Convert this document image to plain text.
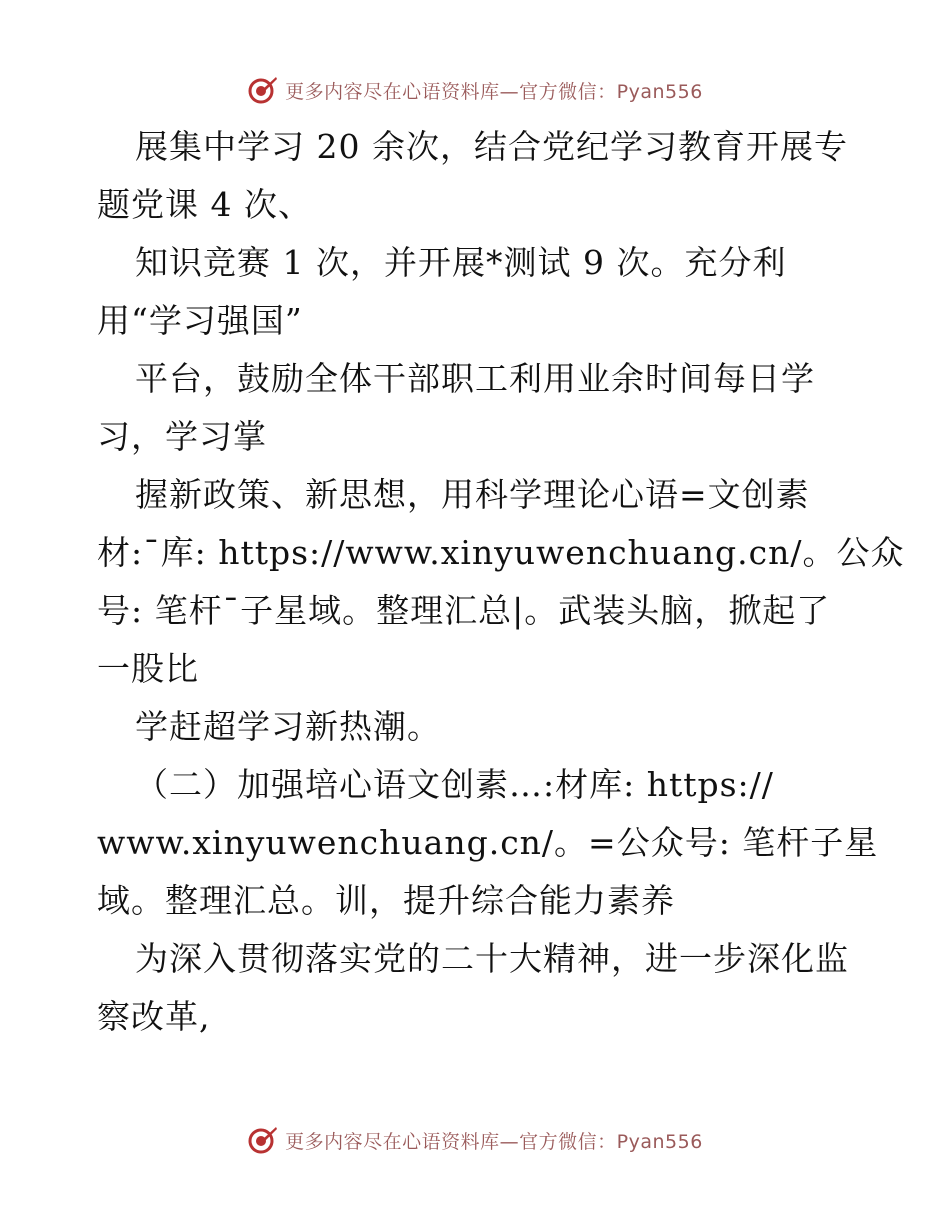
更多内容尽在心语资料库—官方微信：Pyan556
展集中学习 20 余次，结合党纪学习教育开展专
题党课 4 次、
知识竞赛 1 次，并开展*测试 9 次。充分利
用“学习强国”
平台，鼓励全体干部职工利用业余时间每日学
习，学习掌
握新政策、新思想，用科学理论心语=文创素
材:¯库: https://www.xinyuwenchuang.cn/。公众
号: 笔杆¯子星域。整理汇总|。武装头脑，掀起了
一股比
学赶超学习新热潮。
（二）加强培心语文创素…:材库: https://
www.xinyuwenchuang.cn/。=公众号: 笔杆子星
域。整理汇总。训，提升综合能力素养
为深入贯彻落实党的二十大精神，进一步深化监
察改革,
更多内容尽在心语资料库—官方微信：Pyan556
